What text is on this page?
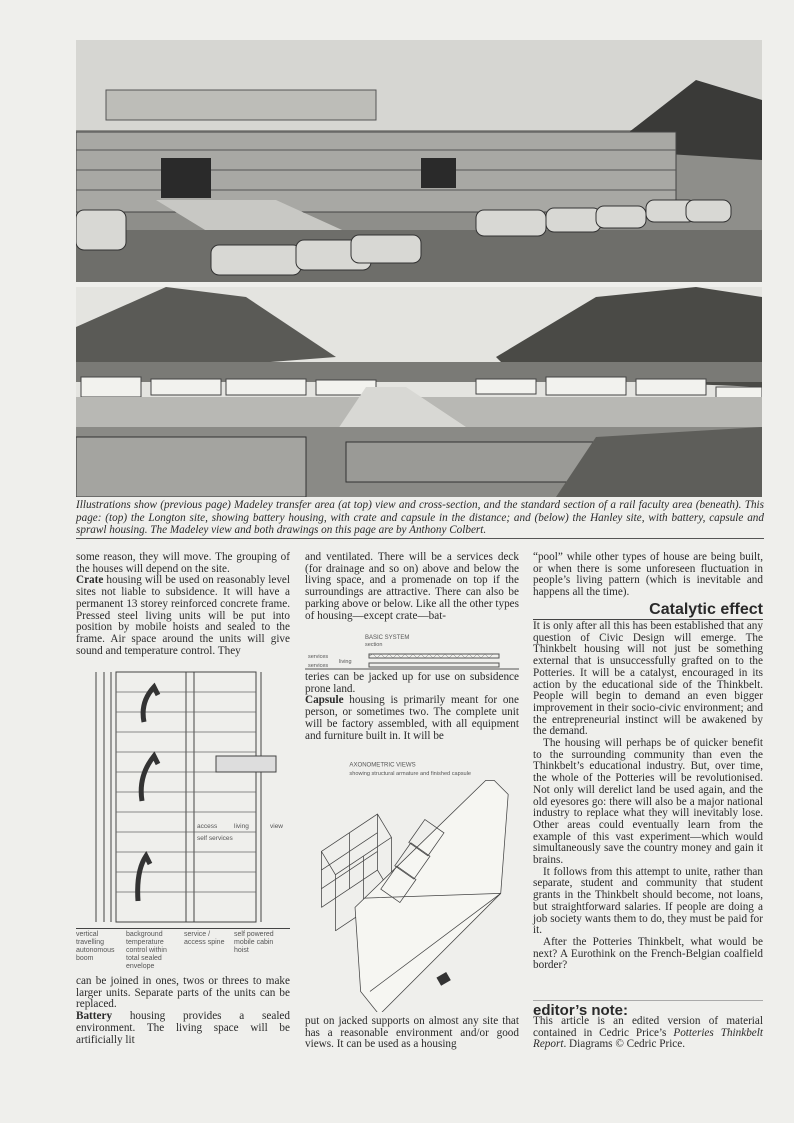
Illustrations show (previous page) Madeley transfer area (at top) view and cross-section, and the standard section of a rail faculty area (beneath). This page: (top) the Longton site, showing battery housing, with crate and capsule in the distance; and (below) the Hanley site, with battery, capsule and sprawl housing. The Madeley view and both drawings on this page are by Anthony Colbert.

some reason, they will move. The grouping of the houses will depend on the site.

Crate housing will be used on reasonably level sites not liable to subsidence. It will have a permanent 13 storey reinforced concrete frame. Pressed steel living units will be put into position by mobile hoists and sealed to the frame. Air space around the units will give sound and temperature control. They

access
self services
living	view
vertical travelling autonomous boom
background temperature control within total sealed envelope
service / access spine
self powered mobile cabin hoist

can be joined in ones, twos or threes to make larger units. Separate parts of the units can be replaced.

Battery housing provides a sealed environment. The living space will be artificially lit

and ventilated. There will be a services deck (for drainage and so on) above and below the living space, and a promenade on top if the surroundings are attractive. There can also be parking above or below. Like all the other types of housing—except crate—bat-

BASIC SYSTEM
section
services
services
living

teries can be jacked up for use on subsidence prone land.

Capsule housing is primarily meant for one person, or sometimes two. The complete unit will be factory assembled, with all equipment and furniture built in. It will be

AXONOMETRIC VIEWS
showing structural armature and finished capsule

put on jacked supports on almost any site that has a reasonable environment and/or good views. It can be used as a housing

“pool” while other types of house are being built, or when there is some unforeseen fluctuation in people’s living pattern (which is inevitable and happens all the time).

Catalytic effect

It is only after all this has been established that any question of Civic Design will emerge. The Thinkbelt housing will not just be something external that is unsuccessfully grafted on to the Potteries. It will be a catalyst, encouraged in its action by the educational side of the Thinkbelt. People will begin to demand an even bigger improvement in their socio-civic environment; and the entrepreneurial instinct will be awakened by the demand.

The housing will perhaps be of quicker benefit to the surrounding community than even the Thinkbelt’s educational industry. But, over time, the whole of the Potteries will be revolutionised. Not only will derelict land be used again, and the old eyesores go: there will also be a major national industry to replace what they will inevitably lose. Other areas could eventually learn from the example of this vast experiment—which would simultaneously save the country money and gain it brains.

It follows from this attempt to unite, rather than separate, student and community that student grants in the Thinkbelt should become, not loans, but straightforward salaries. If people are doing a job society wants them to do, they must be paid for it.

After the Potteries Thinkbelt, what would be next? A Eurothink on the French-Belgian coalfield border?

editor’s note:

This article is an edited version of material contained in Cedric Price’s Potteries Thinkbelt Report. Diagrams © Cedric Price.
